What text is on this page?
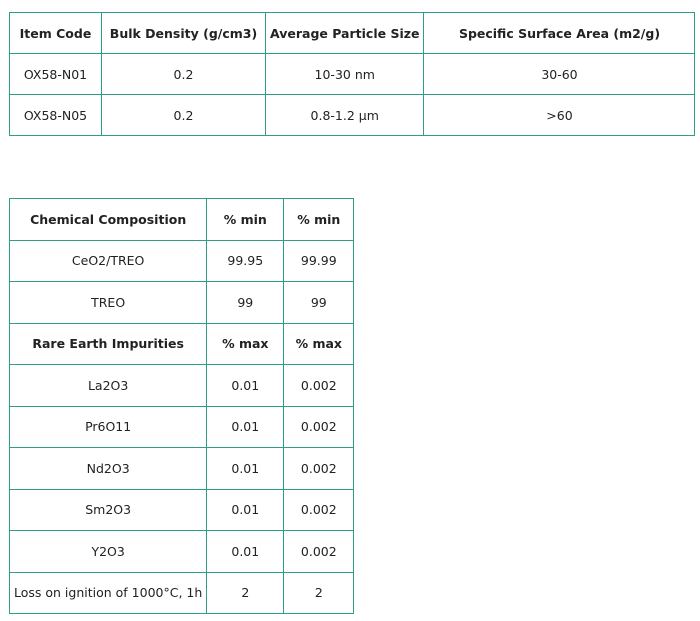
Item Code	Bulk Density (g/cm3)	Average Particle Size	Specific Surface Area (m2/g)
OX58-N01	0.2	10-30 nm	30-60
OX58-N05	0.2	0.8-1.2 μm	>60
Chemical Composition	% min	% min
CeO2/TREO	99.95	99.99
TREO	99	99
Rare Earth Impurities	% max	% max
La2O3	0.01	0.002
Pr6O11	0.01	0.002
Nd2O3	0.01	0.002
Sm2O3	0.01	0.002
Y2O3	0.01	0.002
Loss on ignition of 1000°C, 1h	2	2
